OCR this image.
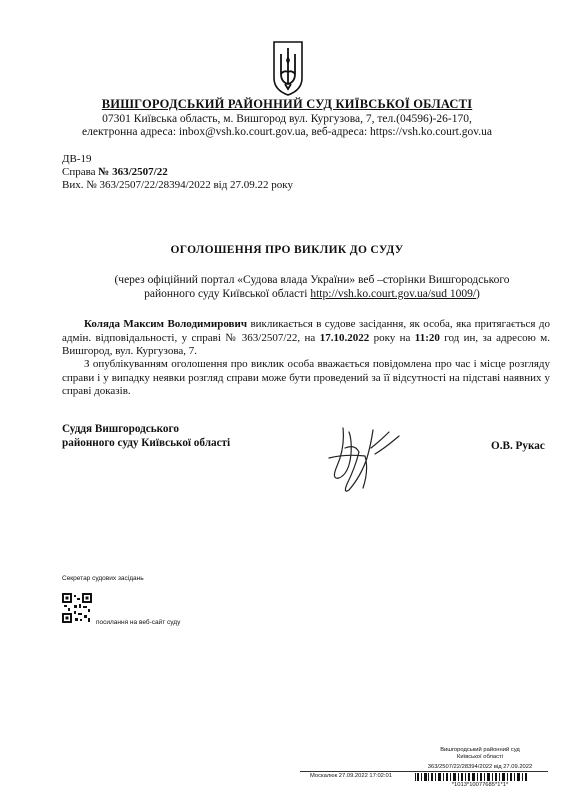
ВИШГОРОДСЬКИЙ РАЙОННИЙ СУД КИЇВСЬКОЇ ОБЛАСТІ
07301 Київська область, м. Вишгород вул. Кургузова, 7, тел.(04596)-26-170,
електронна адреса: inbox@vsh.ko.court.gov.ua, веб-адреса: https://vsh.ko.court.gov.ua
ДВ-19
Справа № 363/2507/22
Вих. № 363/2507/22/28394/2022 від 27.09.22 року
ОГОЛОШЕННЯ ПРО ВИКЛИК ДО СУДУ
(через офіційний портал «Судова влада України» веб –сторінки Вишгородського районного суду Київської області http://vsh.ko.court.gov.ua/sud 1009/)
Коляда Максим Володимирович викликається в судове засідання, як особа, яка притягається до адмін. відповідальності, у справі № 363/2507/22, на 17.10.2022 року на 11:20 год ин, за адресою м. Вишгород, вул. Кургузова, 7.
З опублікуванням оголошення про виклик особа вважається повідомлена про час і місце розгляду справи і у випадку неявки розгляд справи може бути проведений за її відсутності на підставі наявних у справі доказів.
Суддя Вишгородського
районного суду Київської області	О.В. Рукас
Секретар судових засідань
посилання на веб-сайт суду
Вишгородський районний суд
Київської області
363/2507/22/28394/2022 від 27.09.2022
Москалюк 27.09.2022 17:02:01
*1013*10077685*1*1*
